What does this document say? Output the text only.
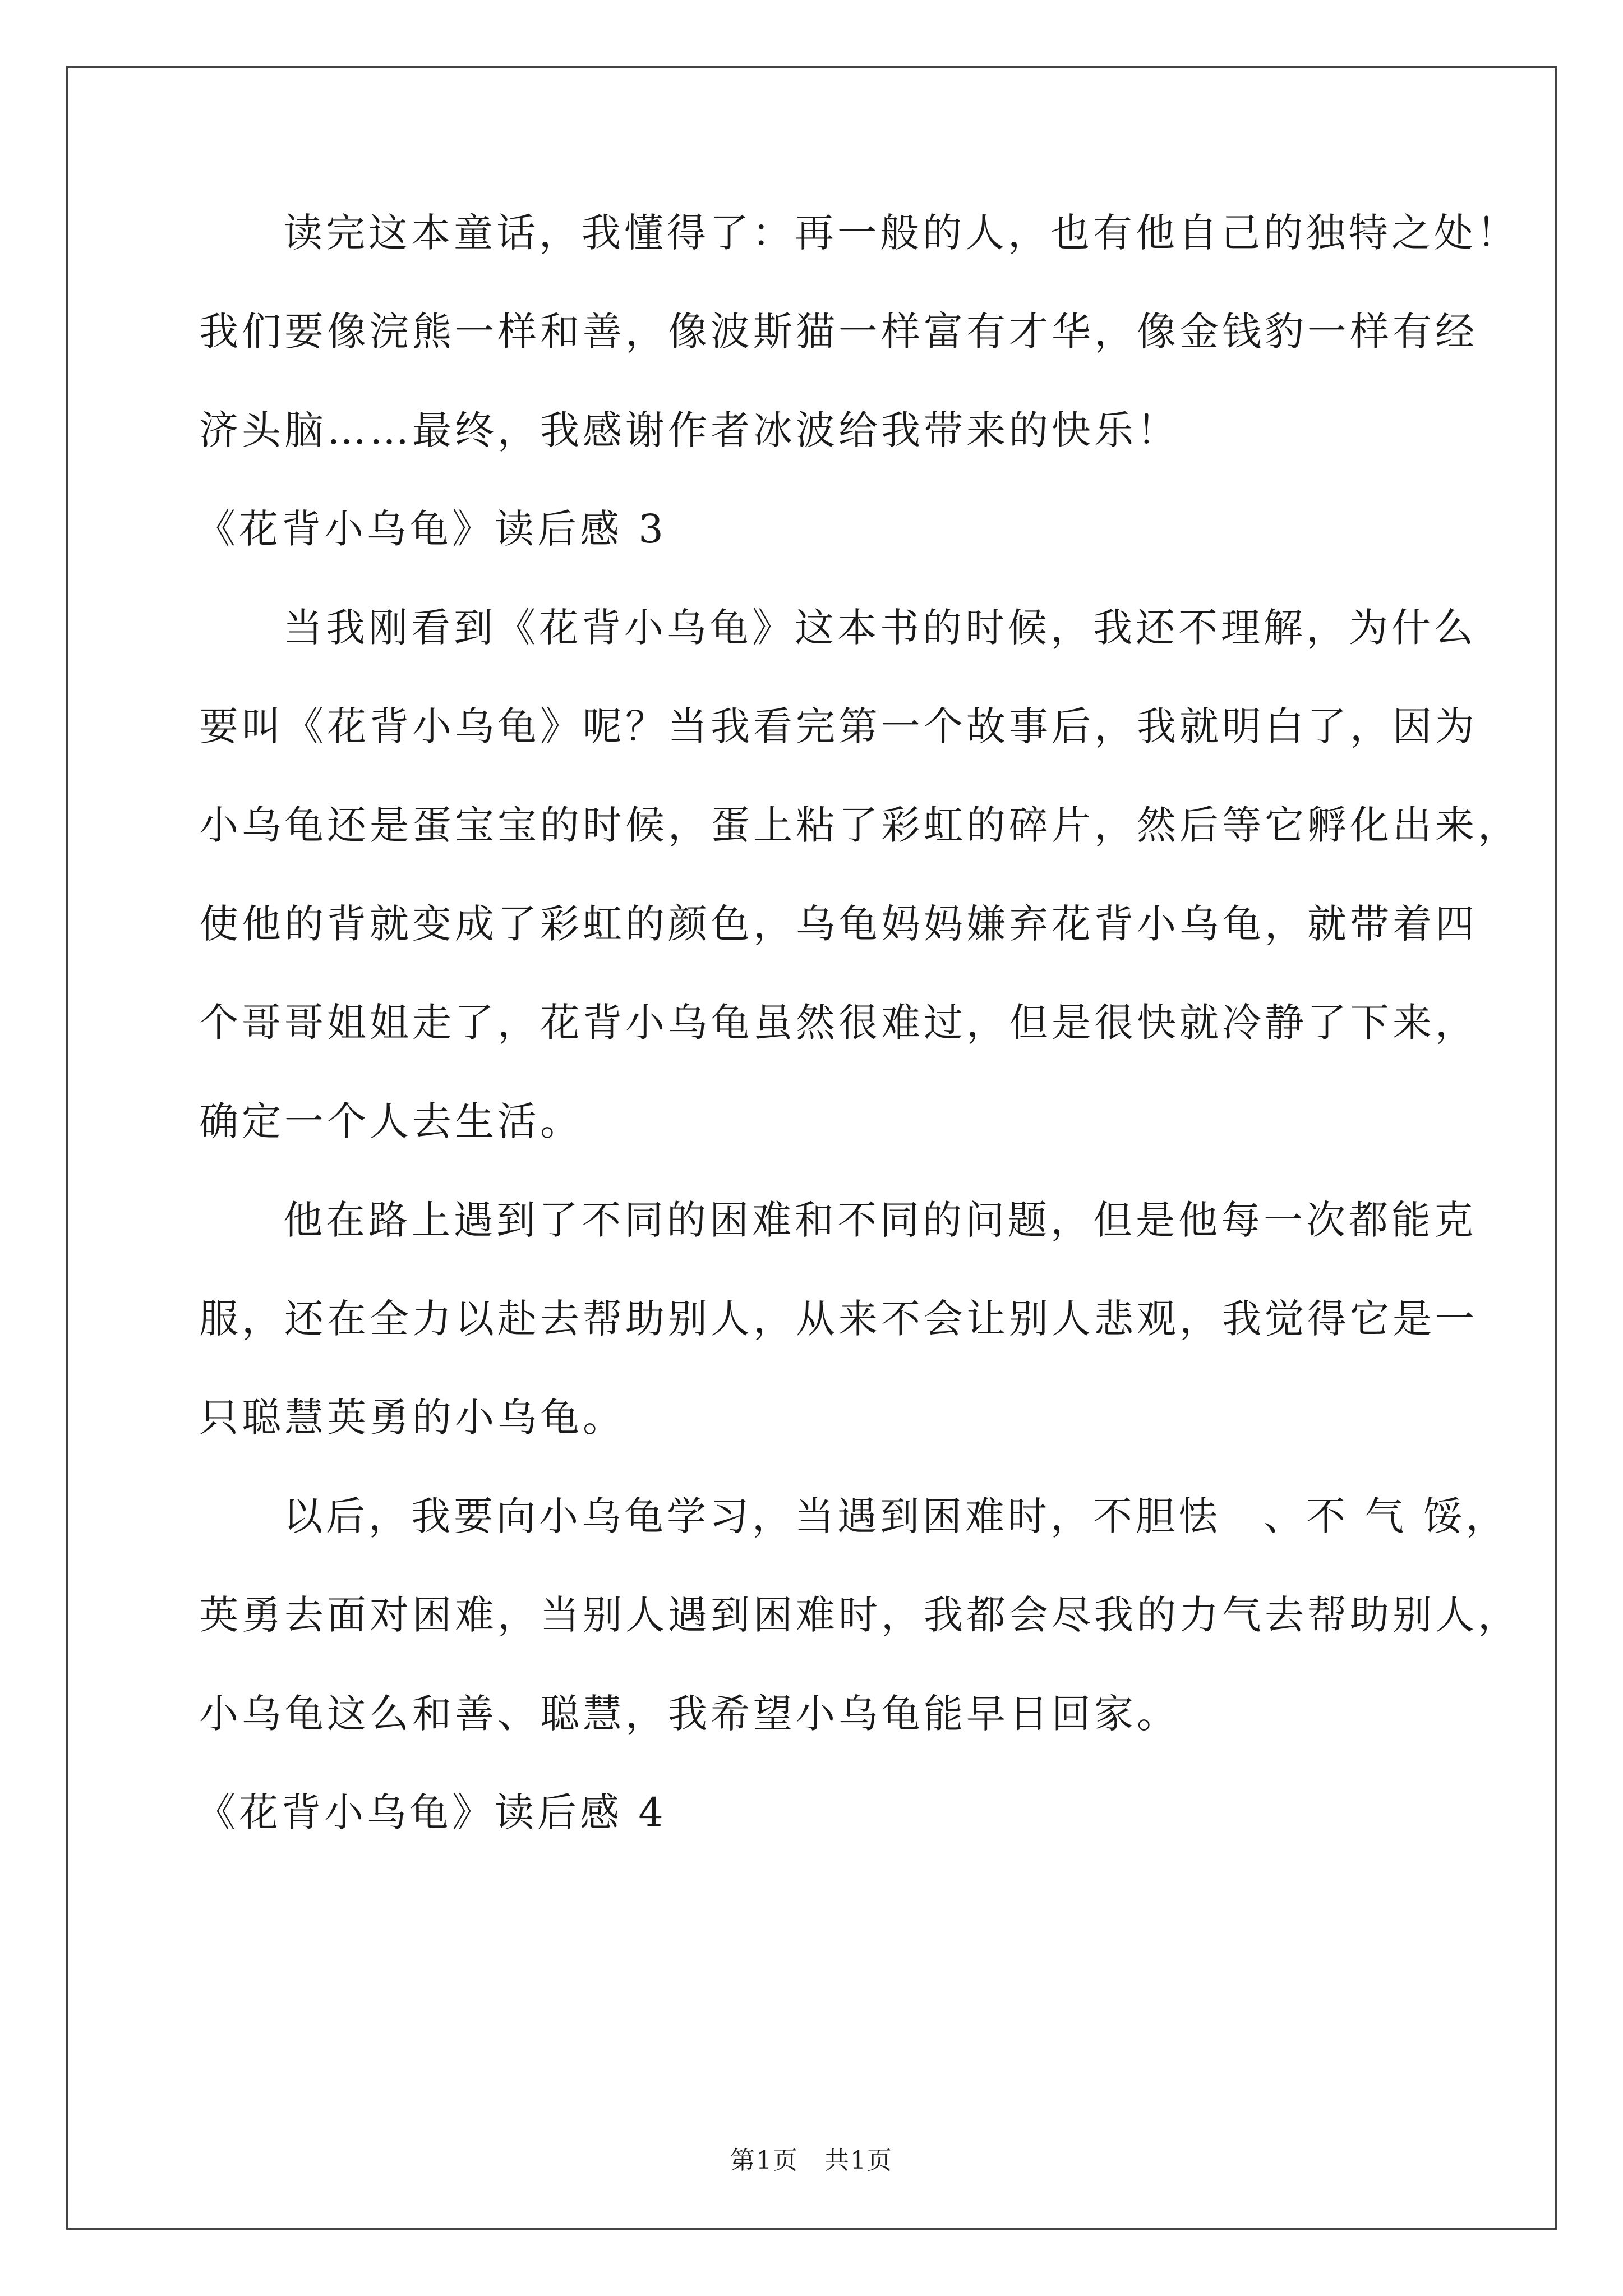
读完这本童话，我懂得了：再一般的人，也有他自己的独特之处！
我们要像浣熊一样和善，像波斯猫一样富有才华，像金钱豹一样有经
济头脑……最终，我感谢作者冰波给我带来的快乐！
《花背小乌龟》读后感 3
当我刚看到《花背小乌龟》这本书的时候，我还不理解，为什么
要叫《花背小乌龟》呢？当我看完第一个故事后，我就明白了，因为
小乌龟还是蛋宝宝的时候，蛋上粘了彩虹的碎片，然后等它孵化出来，
使他的背就变成了彩虹的颜色，乌龟妈妈嫌弃花背小乌龟，就带着四
个哥哥姐姐走了，花背小乌龟虽然很难过，但是很快就冷静了下来，
确定一个人去生活。
他在路上遇到了不同的困难和不同的问题，但是他每一次都能克
服，还在全力以赴去帮助别人，从来不会让别人悲观，我觉得它是一
只聪慧英勇的小乌龟。
以后，我要向小乌龟学习，当遇到困难时，不胆怯　、不 气 馁，
英勇去面对困难，当别人遇到困难时，我都会尽我的力气去帮助别人，
小乌龟这么和善、聪慧，我希望小乌龟能早日回家。
《花背小乌龟》读后感 4
第1页　共1页
